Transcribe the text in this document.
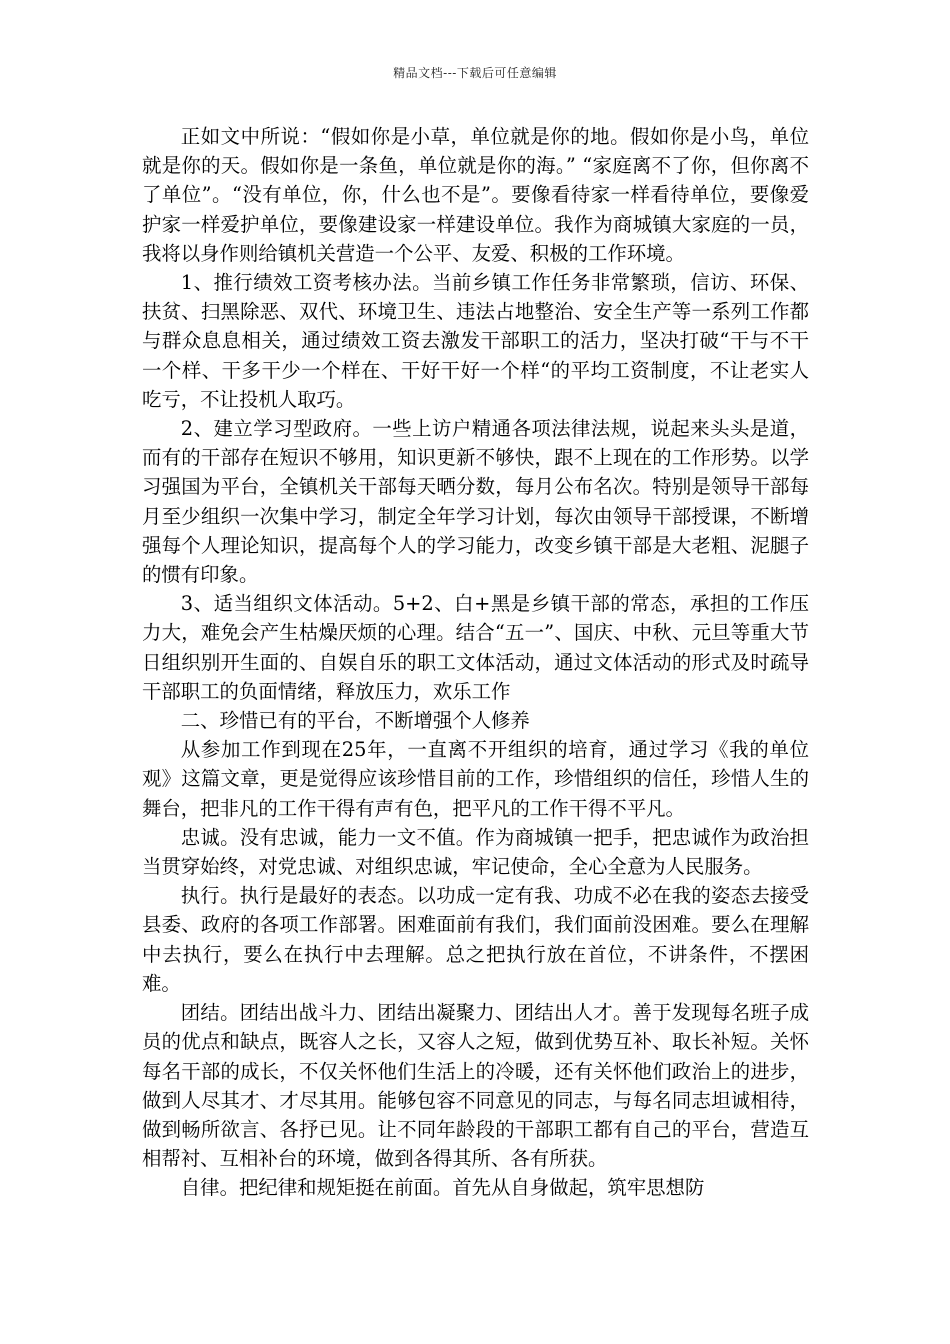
精品文档---下载后可任意编辑

正如文中所说：“假如你是小草，单位就是你的地。假如你是小鸟，单位就是你的天。假如你是一条鱼，单位就是你的海。” “家庭离不了你，但你离不了单位”。“没有单位，你，什么也不是”。要像看待家一样看待单位，要像爱护家一样爱护单位，要像建设家一样建设单位。我作为商城镇大家庭的一员，我将以身作则给镇机关营造一个公平、友爱、积极的工作环境。

1、推行绩效工资考核办法。当前乡镇工作任务非常繁琐，信访、环保、扶贫、扫黑除恶、双代、环境卫生、违法占地整治、安全生产等一系列工作都与群众息息相关，通过绩效工资去激发干部职工的活力，坚决打破“干与不干一个样、干多干少一个样在、干好干好一个样“的平均工资制度，不让老实人吃亏，不让投机人取巧。

2、建立学习型政府。一些上访户精通各项法律法规，说起来头头是道，而有的干部存在短识不够用，知识更新不够快，跟不上现在的工作形势。以学习强国为平台，全镇机关干部每天晒分数，每月公布名次。特别是领导干部每月至少组织一次集中学习，制定全年学习计划，每次由领导干部授课，不断增强每个人理论知识，提高每个人的学习能力，改变乡镇干部是大老粗、泥腿子的惯有印象。

3、适当组织文体活动。5+2、白+黑是乡镇干部的常态，承担的工作压力大，难免会产生枯燥厌烦的心理。结合“五一”、国庆、中秋、元旦等重大节日组织别开生面的、自娱自乐的职工文体活动，通过文体活动的形式及时疏导干部职工的负面情绪，释放压力，欢乐工作

二、珍惜已有的平台，不断增强个人修养

从参加工作到现在25年，一直离不开组织的培育，通过学习《我的单位观》这篇文章，更是觉得应该珍惜目前的工作，珍惜组织的信任，珍惜人生的舞台，把非凡的工作干得有声有色，把平凡的工作干得不平凡。

忠诚。没有忠诚，能力一文不值。作为商城镇一把手，把忠诚作为政治担当贯穿始终，对党忠诚、对组织忠诚，牢记使命，全心全意为人民服务。

执行。执行是最好的表态。以功成一定有我、功成不必在我的姿态去接受县委、政府的各项工作部署。困难面前有我们，我们面前没困难。要么在理解中去执行，要么在执行中去理解。总之把执行放在首位，不讲条件，不摆困难。

团结。团结出战斗力、团结出凝聚力、团结出人才。善于发现每名班子成员的优点和缺点，既容人之长，又容人之短，做到优势互补、取长补短。关怀每名干部的成长，不仅关怀他们生活上的冷暖，还有关怀他们政治上的进步，做到人尽其才、才尽其用。能够包容不同意见的同志，与每名同志坦诚相待，做到畅所欲言、各抒已见。让不同年龄段的干部职工都有自己的平台，营造互相帮衬、互相补台的环境，做到各得其所、各有所获。

自律。把纪律和规矩挺在前面。首先从自身做起，筑牢思想防
